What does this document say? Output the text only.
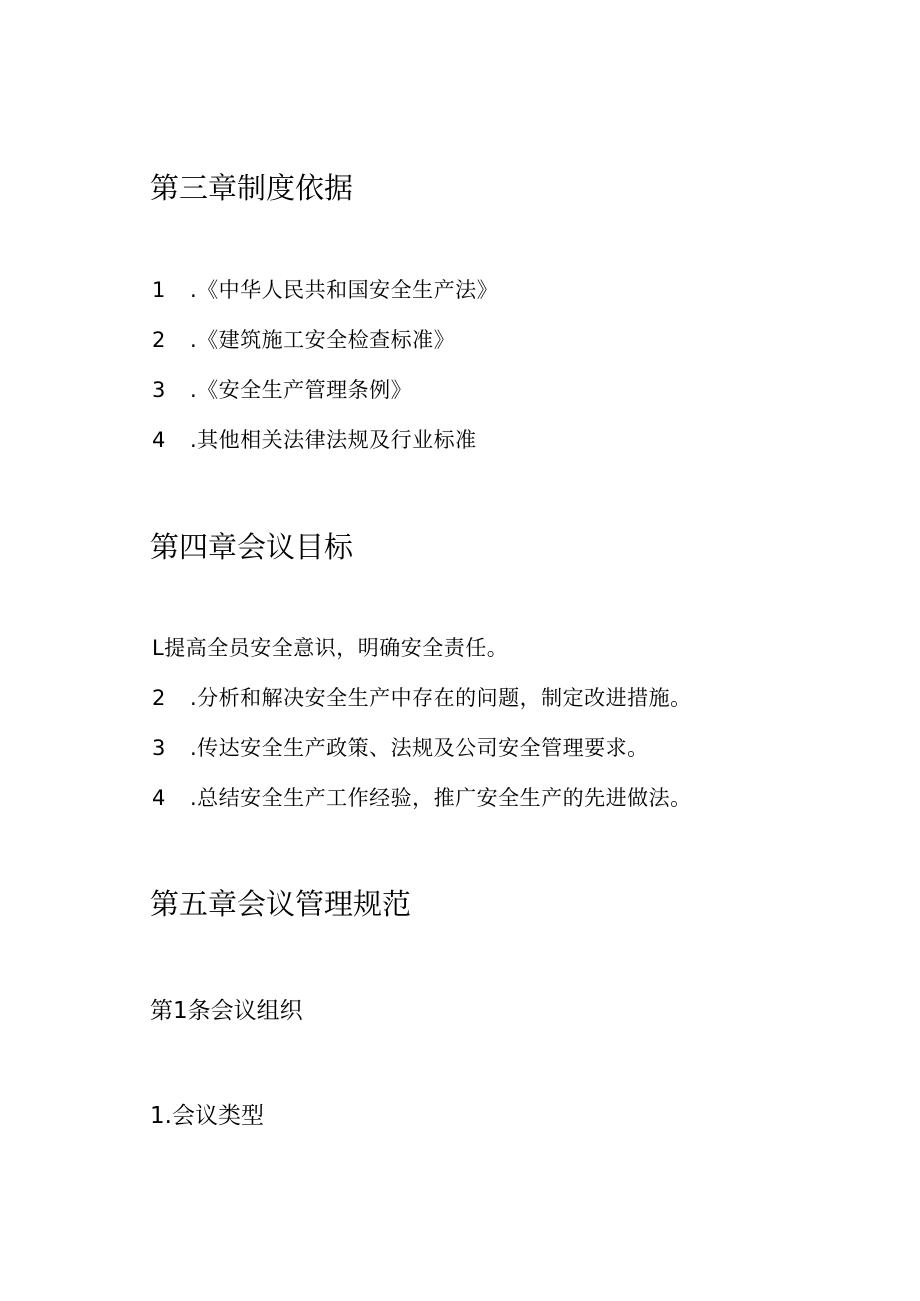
第三章制度依据
1 .《中华人民共和国安全生产法》
2 .《建筑施工安全检查标准》
3 .《安全生产管理条例》
4 .其他相关法律法规及行业标准
第四章会议目标
L提高全员安全意识，明确安全责任。
2 .分析和解决安全生产中存在的问题，制定改进措施。
3 .传达安全生产政策、法规及公司安全管理要求。
4 .总结安全生产工作经验，推广安全生产的先进做法。
第五章会议管理规范
第1条会议组织
1.会议类型
